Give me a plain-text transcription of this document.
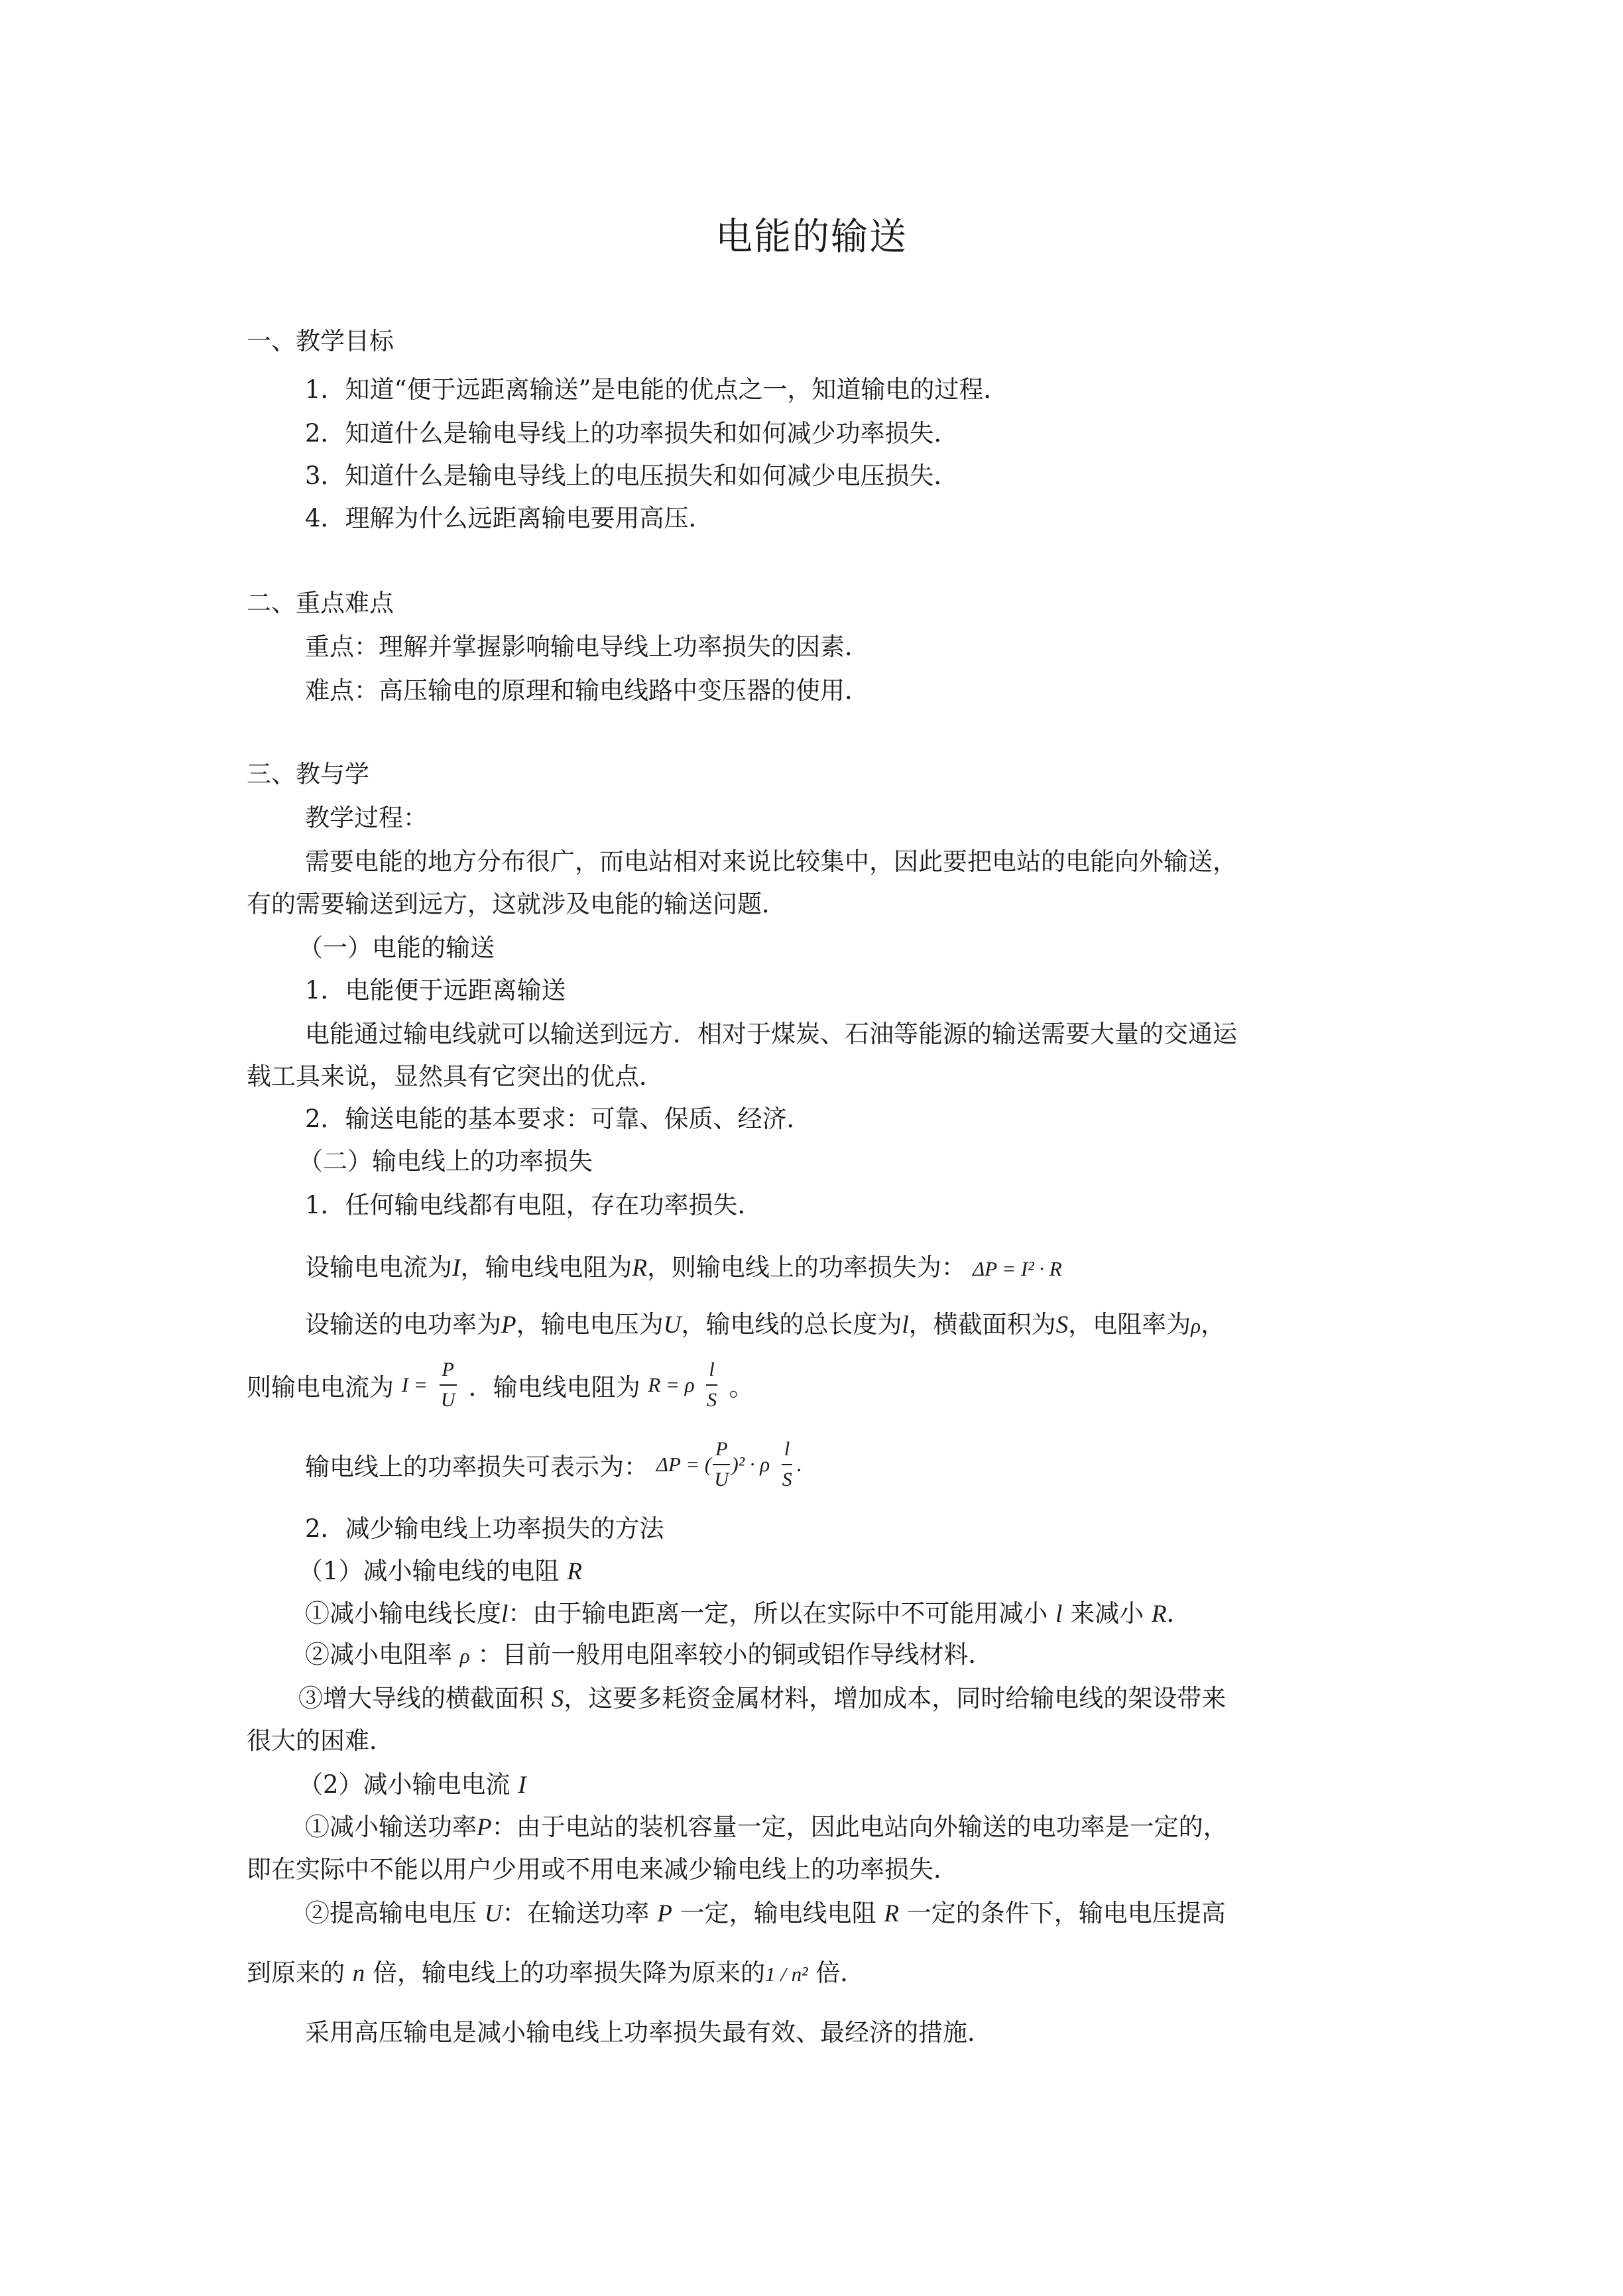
电能的输送
一、教学目标
1．知道“便于远距离输送”是电能的优点之一，知道输电的过程．
2．知道什么是输电导线上的功率损失和如何减少功率损失．
3．知道什么是输电导线上的电压损失和如何减少电压损失．
4．理解为什么远距离输电要用高压．
二、重点难点
重点：理解并掌握影响输电导线上功率损失的因素．
难点：高压输电的原理和输电线路中变压器的使用．
三、教与学
教学过程：
需要电能的地方分布很广，而电站相对来说比较集中，因此要把电站的电能向外输送，
有的需要输送到远方，这就涉及电能的输送问题．
（一）电能的输送
1．电能便于远距离输送
电能通过输电线就可以输送到远方．相对于煤炭、石油等能源的输送需要大量的交通运
载工具来说，显然具有它突出的优点．
2．输送电能的基本要求：可靠、保质、经济．
（二）输电线上的功率损失
1．任何输电线都有电阻，存在功率损失．
设输电电流为I，输电线电阻为R，则输电线上的功率损失为： ΔP = I² · R
设输送的电功率为P，输电电压为U，输电线的总长度为l，横截面积为S，电阻率为ρ，
则输电电流为 $I = \frac{P}{U}$ ．输电线电阻为 R = ρ $\frac{l}{S}$ 。
输电线上的功率损失可表示为： ΔP = ( $\frac{P}{U} )^2 \cdot \rho \frac{l}{S}$ .
2．减少输电线上功率损失的方法
（1）减小输电线的电阻 R
①减小输电线长度l：由于输电距离一定，所以在实际中不可能用减小 l 来减小 R．
②减小电阻率 ρ ：目前一般用电阻率较小的铜或铝作导线材料．
③增大导线的横截面积 S，这要多耗资金属材料，增加成本，同时给输电线的架设带来
很大的困难．
（2）减小输电电流 I
①减小输送功率P：由于电站的装机容量一定，因此电站向外输送的电功率是一定的，
即在实际中不能以用户少用或不用电来减少输电线上的功率损失．
②提高输电电压 U：在输送功率 P 一定，输电线电阻 R 一定的条件下，输电电压提高
到原来的 n 倍，输电线上的功率损失降为原来的1 / n² 倍．
采用高压输电是减小输电线上功率损失最有效、最经济的措施．
